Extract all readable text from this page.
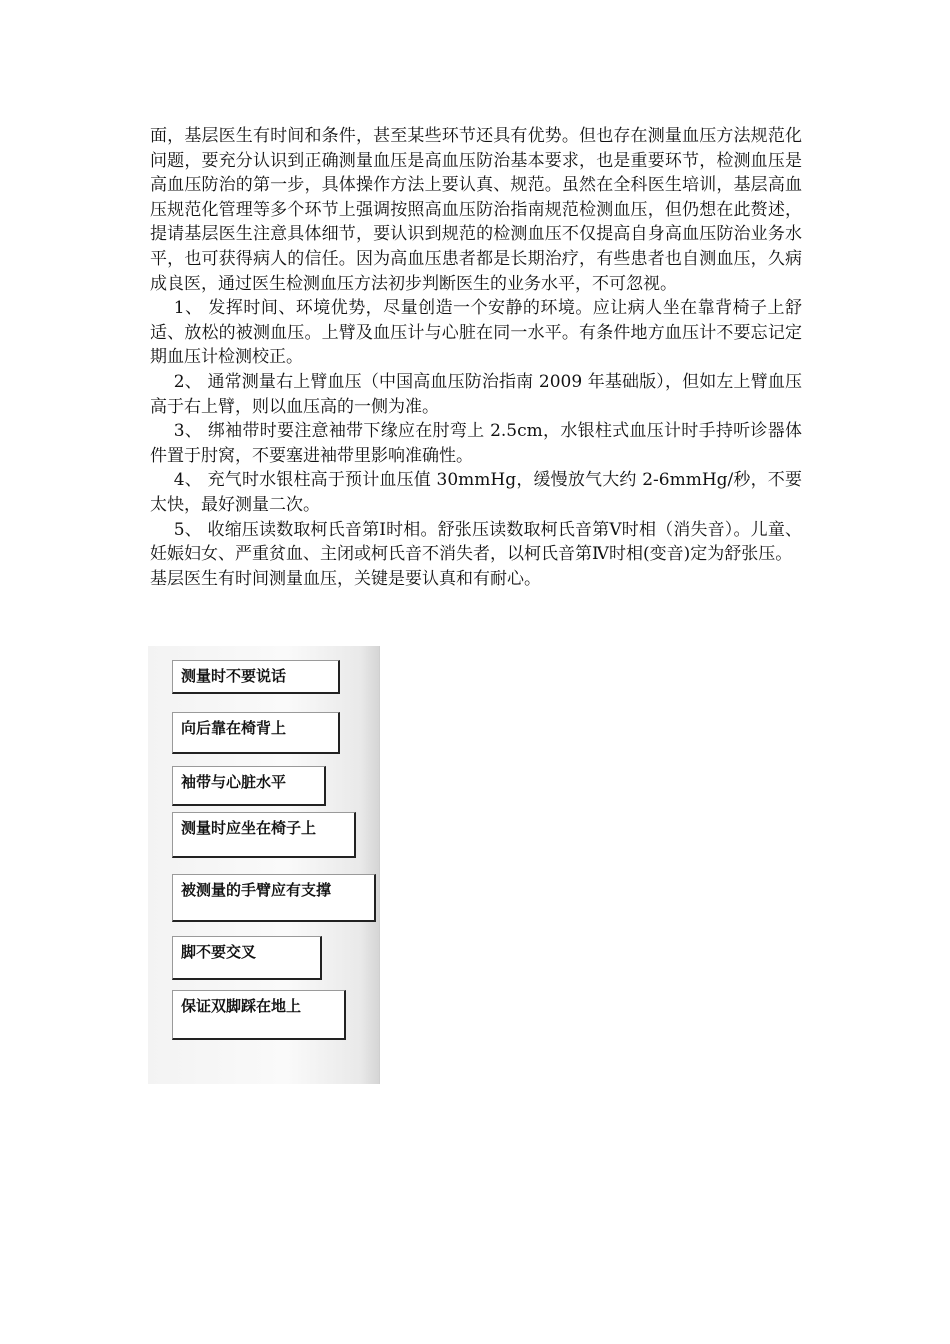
面，基层医生有时间和条件，甚至某些环节还具有优势。但也存在测量血压方法规范化问题，要充分认识到正确测量血压是高血压防治基本要求，也是重要环节，检测血压是高血压防治的第一步，具体操作方法上要认真、规范。虽然在全科医生培训，基层高血压规范化管理等多个环节上强调按照高血压防治指南规范检测血压，但仍想在此赘述，提请基层医生注意具体细节，要认识到规范的检测血压不仅提高自身高血压防治业务水平，也可获得病人的信任。因为高血压患者都是长期治疗，有些患者也自测血压，久病成良医，通过医生检测血压方法初步判断医生的业务水平，不可忽视。

1、 发挥时间、环境优势，尽量创造一个安静的环境。应让病人坐在靠背椅子上舒适、放松的被测血压。上臂及血压计与心脏在同一水平。有条件地方血压计不要忘记定期血压计检测校正。

2、 通常测量右上臂血压（中国高血压防治指南 2009 年基础版），但如左上臂血压高于右上臂，则以血压高的一侧为准。

3、 绑袖带时要注意袖带下缘应在肘弯上 2.5cm，水银柱式血压计时手持听诊器体件置于肘窝，不要塞进袖带里影响准确性。

4、 充气时水银柱高于预计血压值 30mmHg，缓慢放气大约 2-6mmHg/秒，不要太快，最好测量二次。

5、 收缩压读数取柯氏音第Ⅰ时相。舒张压读数取柯氏音第Ⅴ时相（消失音）。儿童、妊娠妇女、严重贫血、主闭或柯氏音不消失者，以柯氏音第Ⅳ时相(变音)定为舒张压。

基层医生有时间测量血压，关键是要认真和有耐心。

测量时不要说话
向后靠在椅背上
袖带与心脏水平
测量时应坐在椅子上
被测量的手臂应有支撑
脚不要交叉
保证双脚踩在地上
